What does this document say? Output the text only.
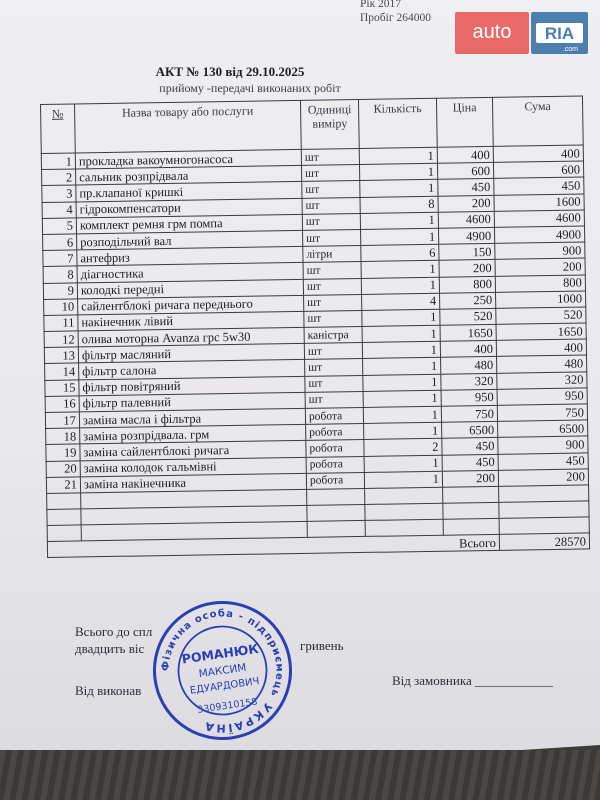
Рік 2017
Пробіг 264000
auto	RIA
.com
АКТ № 130 від 29.10.2025
прийому -передачі виконаних робіт
№	Назва товару або послуги	Одиниці виміру	Кількість	Ціна	Сума
1	прокладка вакоумногонасоса	шт	1	400	400
2	сальник розпрідвала	шт	1	600	600
3	пр.клапаної кришкі	шт	1	450	450
4	гідрокомпенсатори	шт	8	200	1600
5	комплект ремня грм помпа	шт	1	4600	4600
6	розподільчий вал	шт	1	4900	4900
7	антефриз	літри	6	150	900
8	діагностика	шт	1	200	200
9	колодкі передні	шт	1	800	800
10	сайлентблокі ричага переднього	шт	4	250	1000
11	накінечник лівий	шт	1	520	520
12	олива моторна Avanza грс 5w30	каністра	1	1650	1650
13	фільтр масляний	шт	1	400	400
14	фільтр салона	шт	1	480	480
15	фільтр повітряний	шт	1	320	320
16	фільтр палевний	шт	1	950	950
17	заміна масла і фільтра	робота	1	750	750
18	заміна розпрідвала. грм	робота	1	6500	6500
19	заміна сайлентблокі ричага	робота	2	450	900
20	заміна колодок гальмівні	робота	1	450	450
21	заміна накінечника	робота	1	200	200

Всього					28570
Всього до спл
двадцить віс	гривень
Від виконав
Від замовника ____________
Фізична особа - підприємець
УКРАЇНА
РОМАНЮК
МАКСИМ
ЕДУАРДОВИЧ
3309310158
